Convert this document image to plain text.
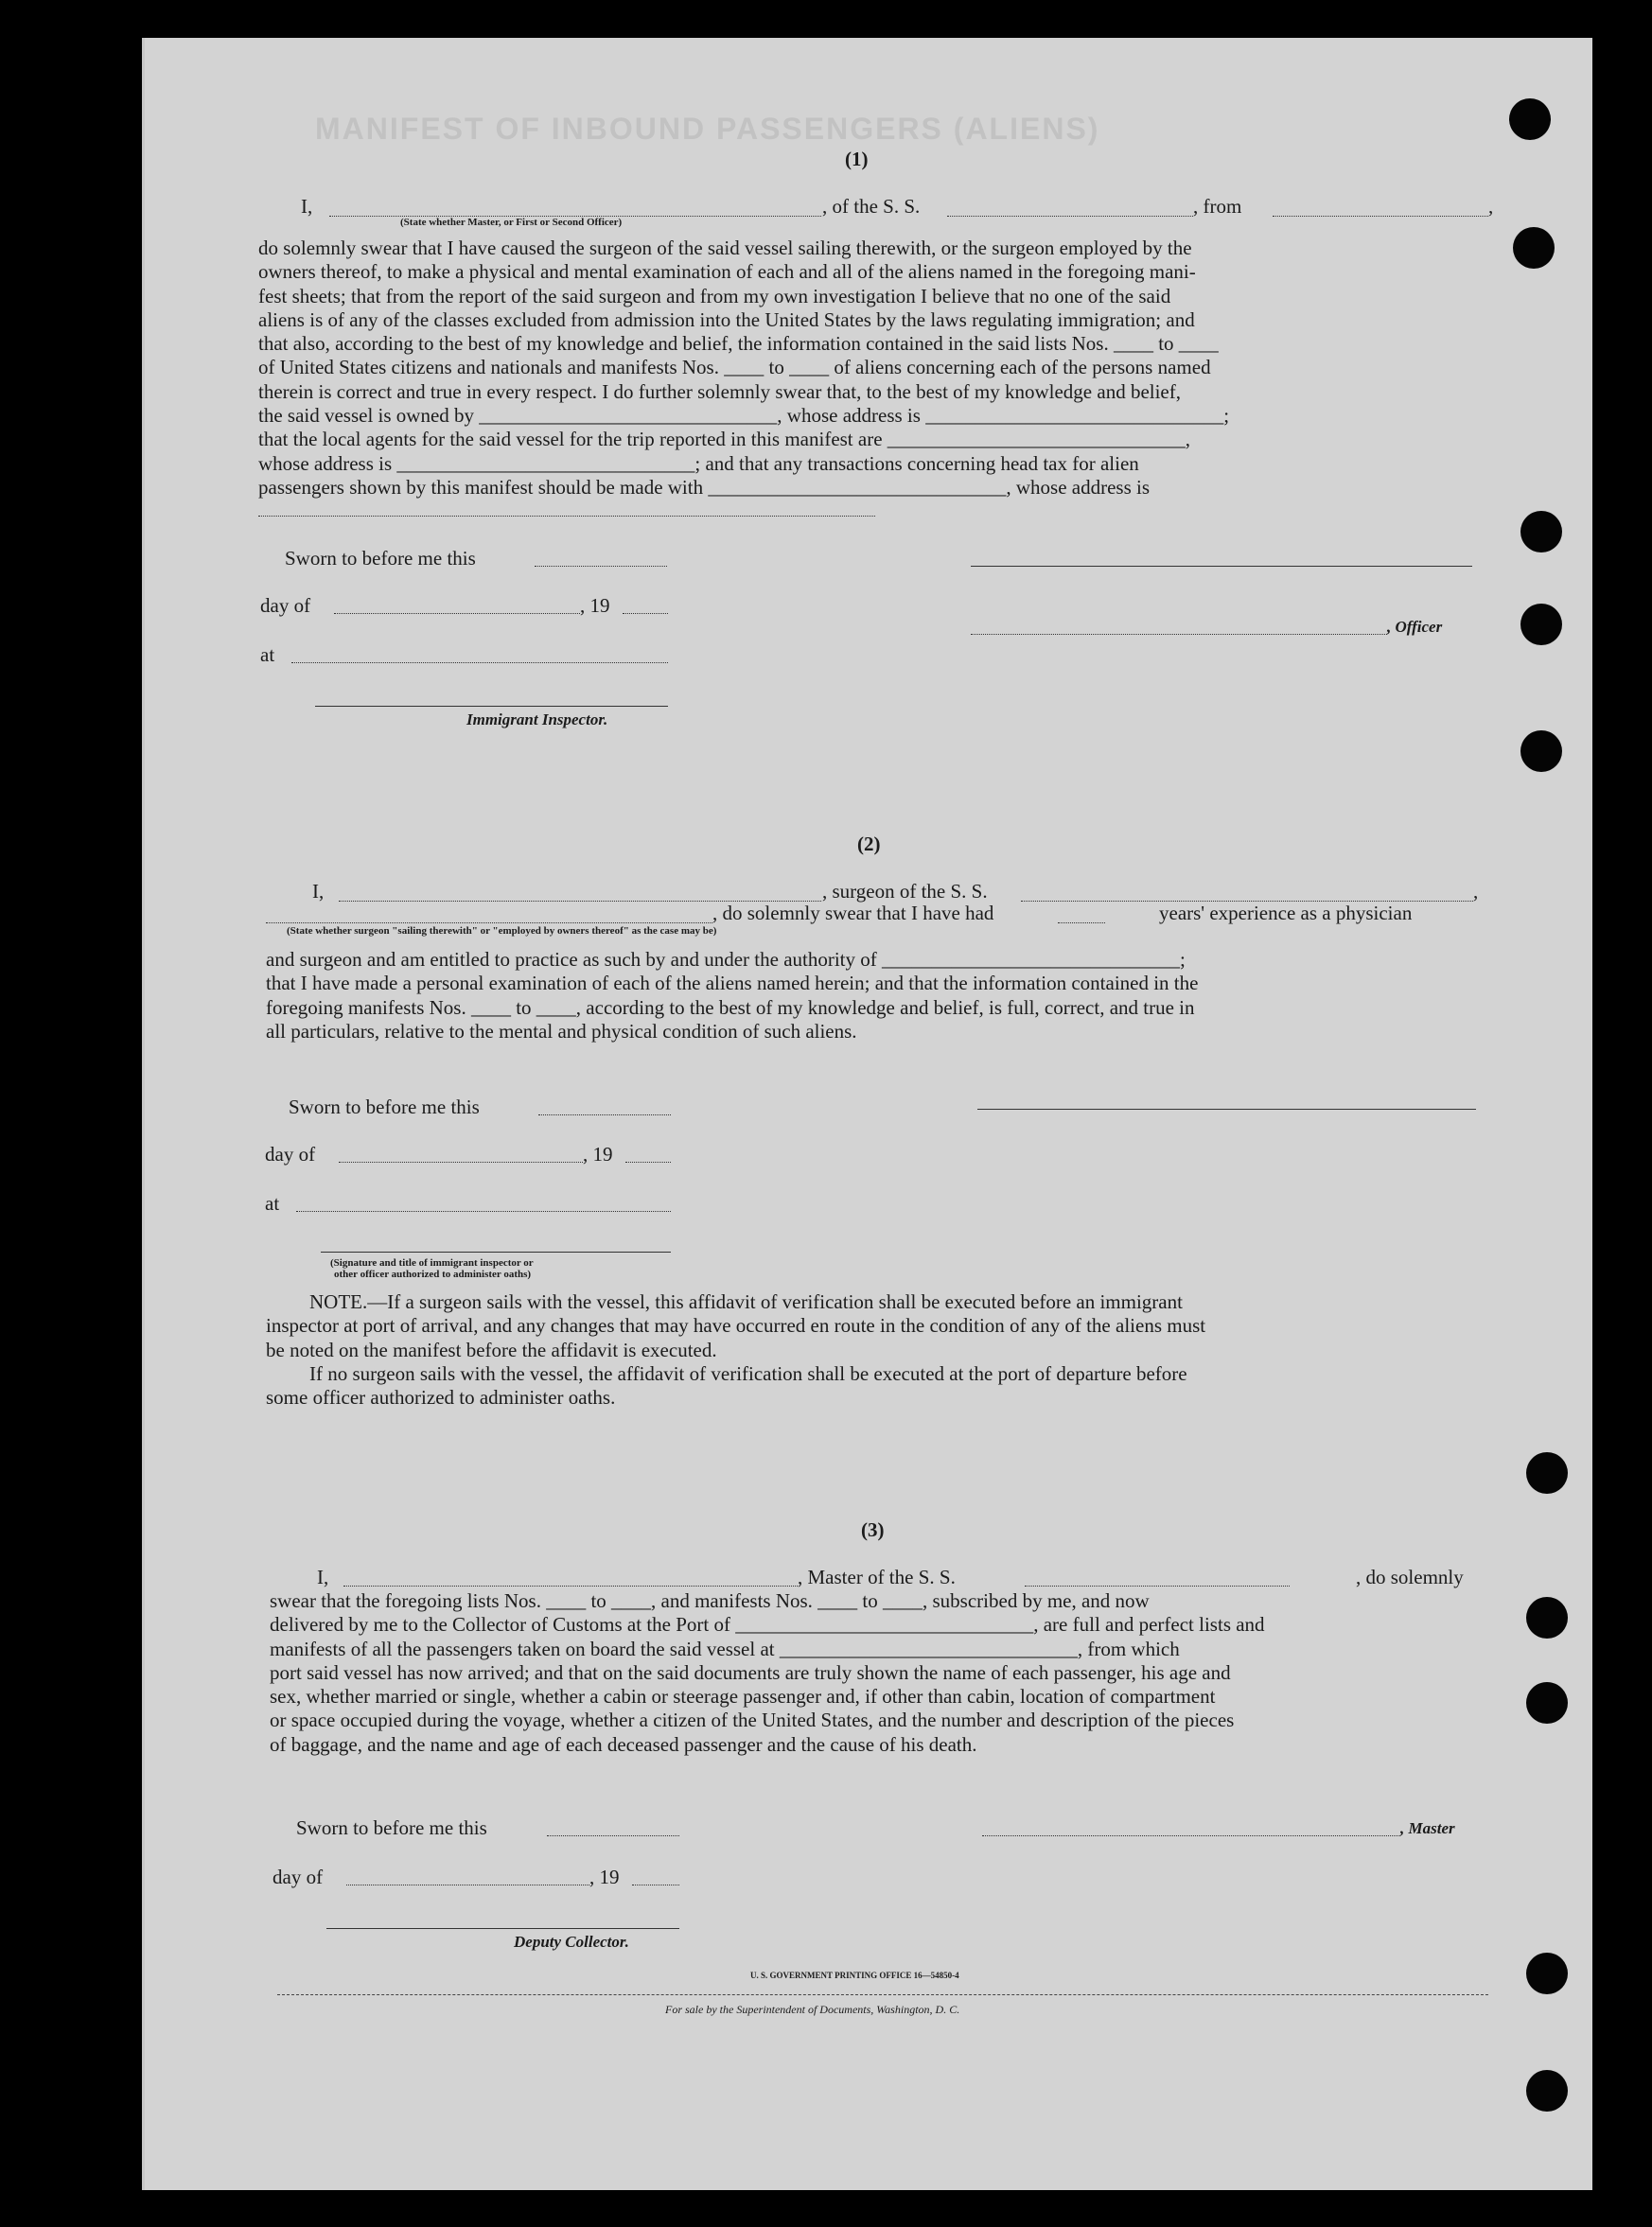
MANIFEST OF INBOUND PASSENGERS (ALIENS)
(1)
I,	, of the S. S.	, from	,
(State whether Master, or First or Second Officer)
do solemnly swear that I have caused the surgeon of the said vessel sailing therewith, or the surgeon employed by the
owners thereof, to make a physical and mental examination of each and all of the aliens named in the foregoing mani-
fest sheets; that from the report of the said surgeon and from my own investigation I believe that no one of the said
aliens is of any of the classes excluded from admission into the United States by the laws regulating immigration; and
that also, according to the best of my knowledge and belief, the information contained in the said lists Nos. ____ to ____
of United States citizens and nationals and manifests Nos. ____ to ____ of aliens concerning each of the persons named
therein is correct and true in every respect. I do further solemnly swear that, to the best of my knowledge and belief,
the said vessel is owned by ______________________________, whose address is ______________________________;
that the local agents for the said vessel for the trip reported in this manifest are ______________________________,
whose address is ______________________________; and that any transactions concerning head tax for alien
passengers shown by this manifest should be made with ______________________________, whose address is
Sworn to before me this
day of	, 19
, Officer
at
Immigrant Inspector.
(2)
I,	, surgeon of the S. S.	,
, do solemnly swear that I have had	years' experience as a physician
(State whether surgeon "sailing therewith" or "employed by owners thereof" as the case may be)
and surgeon and am entitled to practice as such by and under the authority of ______________________________;
that I have made a personal examination of each of the aliens named herein; and that the information contained in the
foregoing manifests Nos. ____ to ____, according to the best of my knowledge and belief, is full, correct, and true in
all particulars, relative to the mental and physical condition of such aliens.
Sworn to before me this
day of	, 19
at
(Signature and title of immigrant inspector or
other officer authorized to administer oaths)
NOTE.—If a surgeon sails with the vessel, this affidavit of verification shall be executed before an immigrant
inspector at port of arrival, and any changes that may have occurred en route in the condition of any of the aliens must
be noted on the manifest before the affidavit is executed.
If no surgeon sails with the vessel, the affidavit of verification shall be executed at the port of departure before
some officer authorized to administer oaths.
(3)
I,	, Master of the S. S.	, do solemnly
swear that the foregoing lists Nos. ____ to ____, and manifests Nos. ____ to ____, subscribed by me, and now
delivered by me to the Collector of Customs at the Port of ______________________________, are full and perfect lists and
manifests of all the passengers taken on board the said vessel at ______________________________, from which
port said vessel has now arrived; and that on the said documents are truly shown the name of each passenger, his age and
sex, whether married or single, whether a cabin or steerage passenger and, if other than cabin, location of compartment
or space occupied during the voyage, whether a citizen of the United States, and the number and description of the pieces
of baggage, and the name and age of each deceased passenger and the cause of his death.
Sworn to before me this	, Master
day of	, 19
Deputy Collector.
U. S. GOVERNMENT PRINTING OFFICE 16—54850-4
For sale by the Superintendent of Documents, Washington, D. C.
